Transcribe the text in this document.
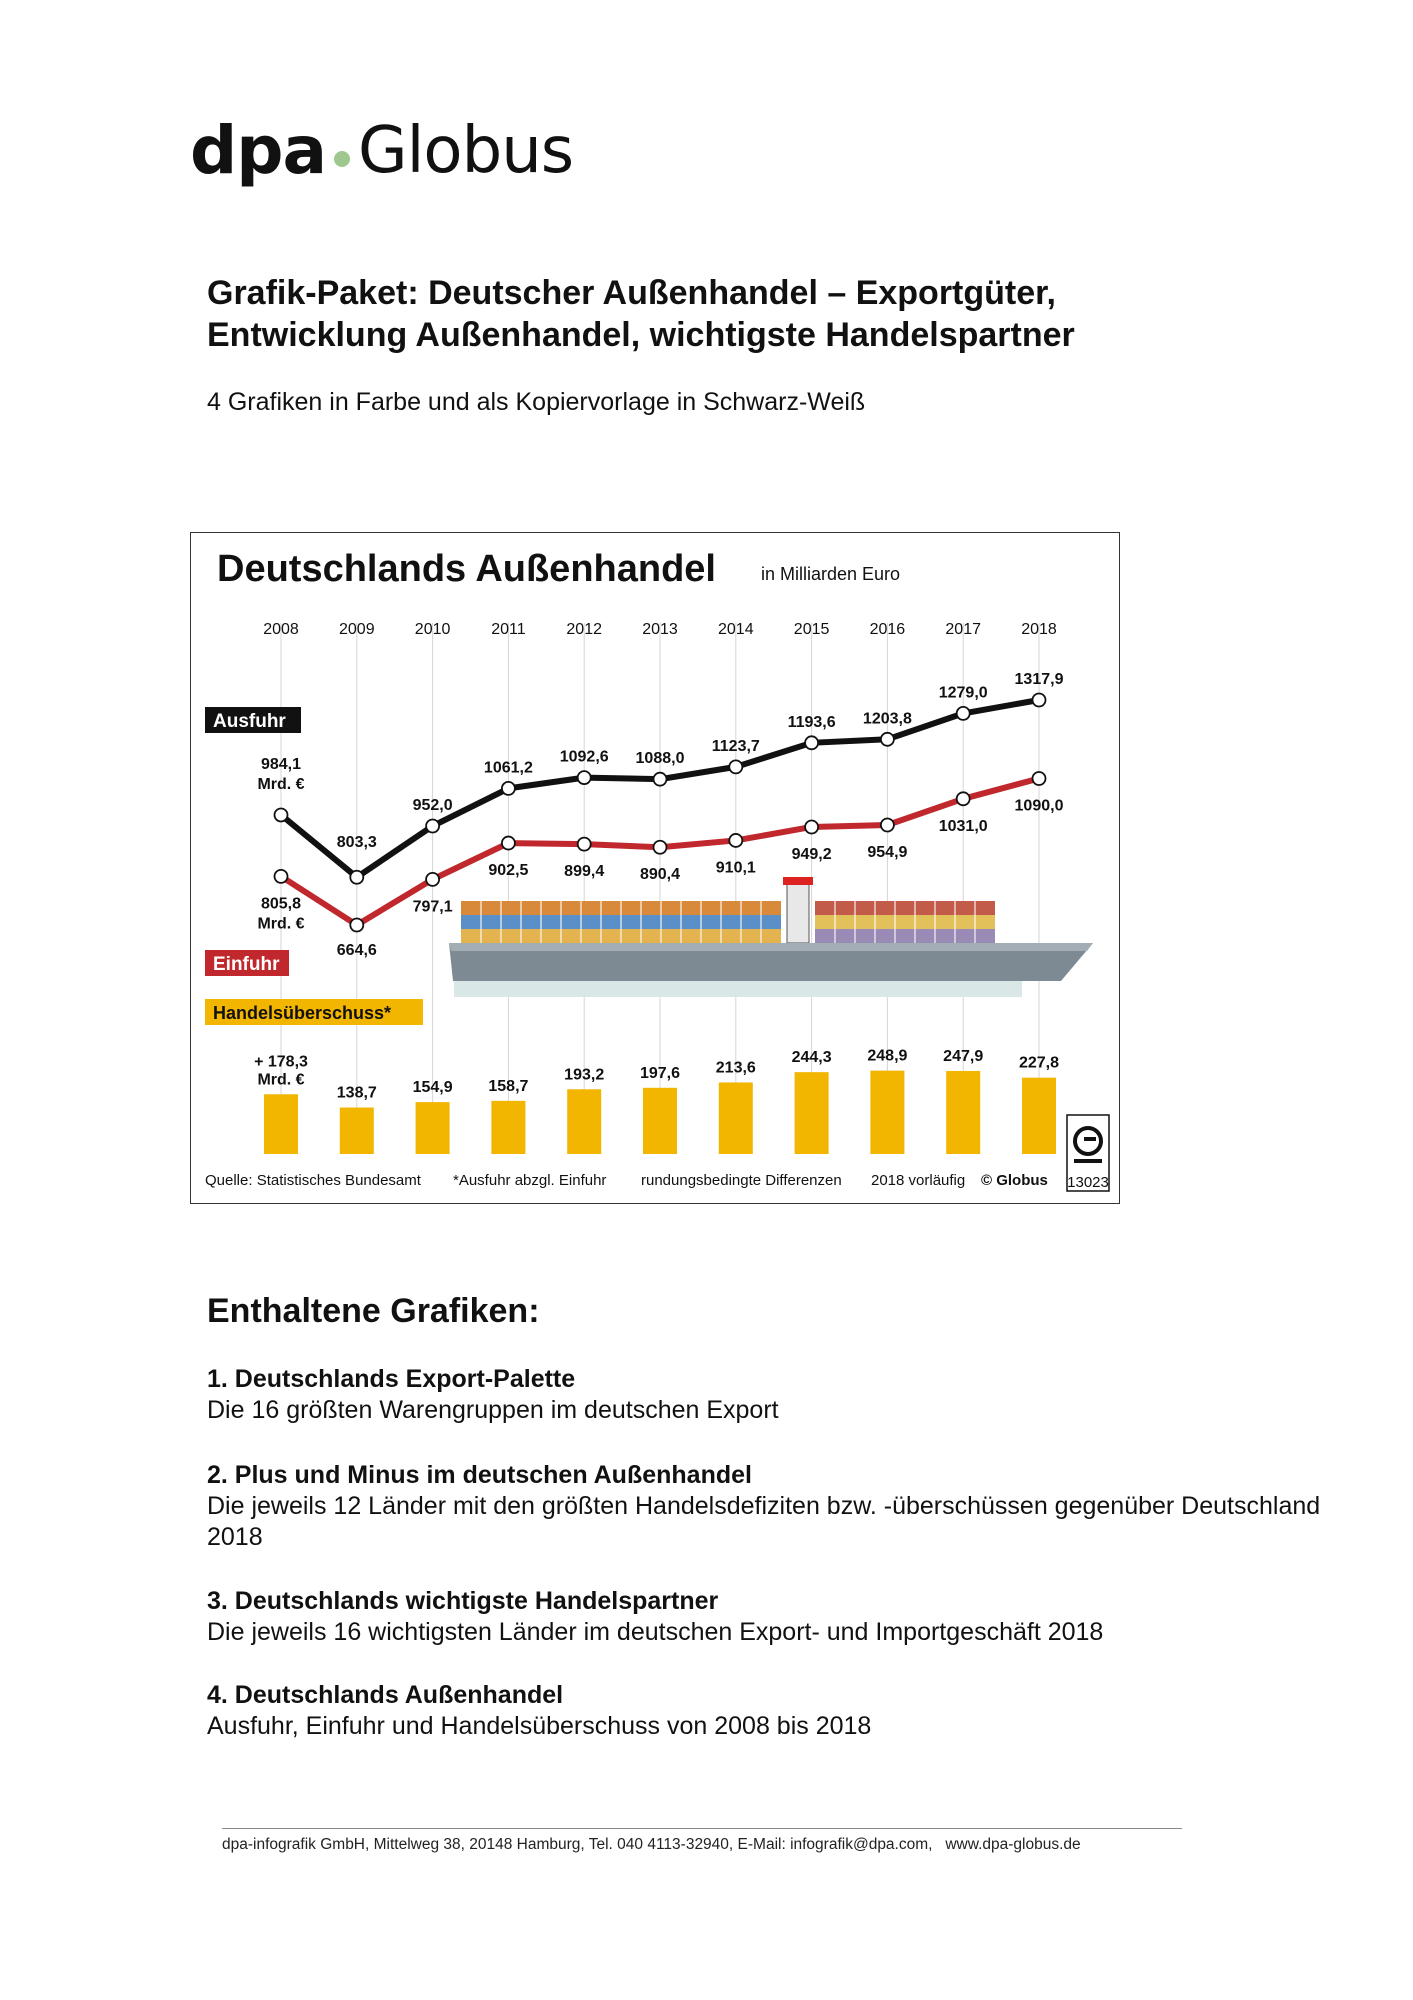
dpa Globus
Grafik-Paket: Deutscher Außenhandel – Exportgüter,
Entwicklung Außenhandel, wichtigste Handelspartner
4 Grafiken in Farbe und als Kopiervorlage in Schwarz-Weiß
Deutschlands Außenhandel	in Milliarden Euro
2008	2009	2010	2011	2012	2013	2014	2015	2016	2017	2018
+ 178,3
138,7 154,9 158,7
193,2 197,6 213,6
244,3 248,9 247,9 227,8
Mrd. €
984,1
803,3
952,0
1061,2
1092,6 1088,0
1123,7
1193,6 1203,8
1279,0
1317,9
805,8
664,6
797,1
902,5 899,4 890,4 910,1
949,2 954,9
1031,0
1090,0
Mrd. €
Mrd. €
Ausfuhr
Einfuhr
Handelsüberschuss*
13023
Quelle: Statistisches Bundesamt *Ausfuhr abzgl. Einfuhr rundungsbedingte Differenzen 2018 vorläufig © Globus
Enthaltene Grafiken:
1. Deutschlands Export-Palette
Die 16 größten Warengruppen im deutschen Export
2. Plus und Minus im deutschen Außenhandel
Die jeweils 12 Länder mit den größten Handelsdefiziten bzw. -überschüssen gegenüber Deutschland 2018
3. Deutschlands wichtigste Handelspartner
Die jeweils 16 wichtigsten Länder im deutschen Export- und Importgeschäft 2018
4. Deutschlands Außenhandel
Ausfuhr, Einfuhr und Handelsüberschuss von 2008 bis 2018
dpa-infografik GmbH, Mittelweg 38, 20148 Hamburg, Tel. 040 4113-32940, E-Mail: infografik@dpa.com,   www.dpa-globus.de
